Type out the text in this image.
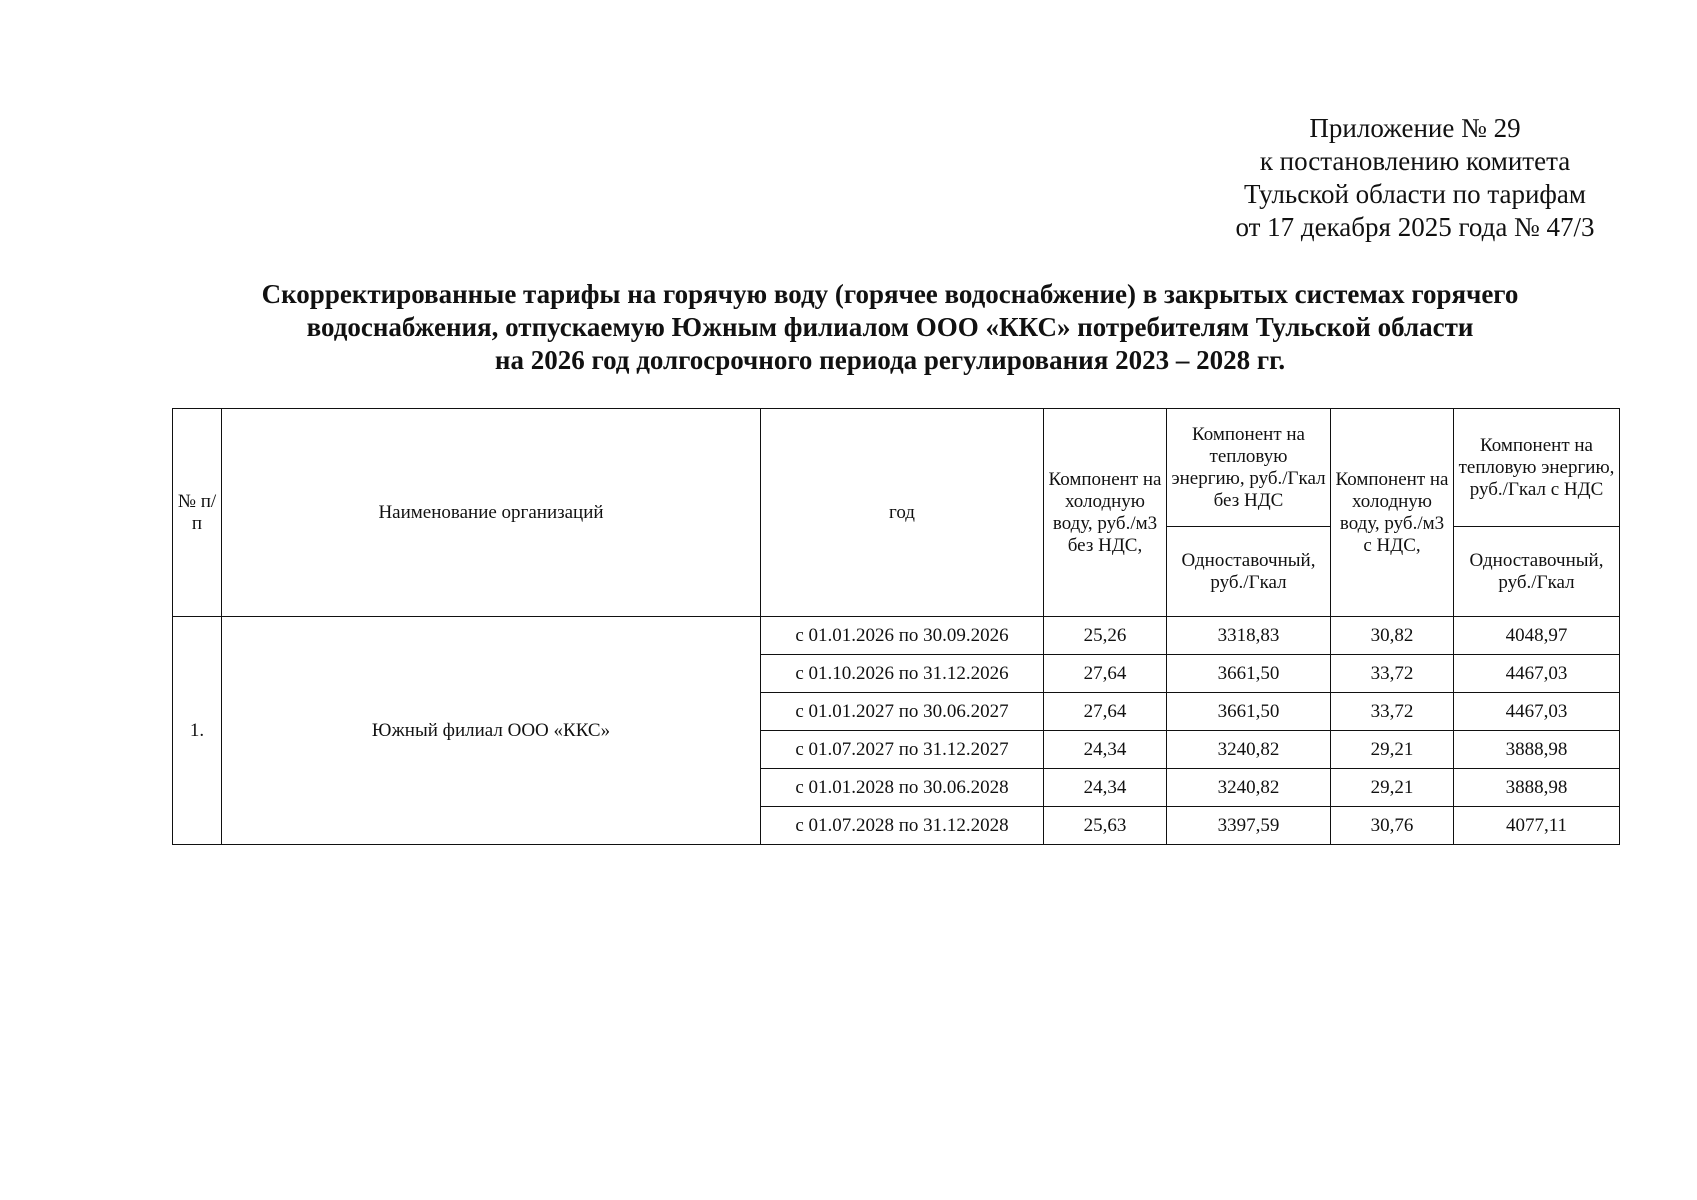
Приложение № 29
к постановлению комитета
Тульской области по тарифам
от 17 декабря 2025 года № 47/3
Скорректированные тарифы на горячую воду (горячее водоснабжение) в закрытых системах горячего
водоснабжения, отпускаемую Южным филиалом ООО «ККС» потребителям Тульской области
на 2026 год долгосрочного периода регулирования 2023 – 2028 гг.
№ п/п	Наименование организаций	год	Компонент на холодную воду, руб./м3 без НДС,	Компонент на тепловую энергию, руб./Гкал без НДС	Компонент на холодную воду, руб./м3 с НДС,	Компонент на тепловую энергию, руб./Гкал с НДС
				Одноставочный, руб./Гкал		Одноставочный, руб./Гкал
1.	Южный филиал ООО «ККС»	с 01.01.2026 по 30.09.2026	25,26	3318,83	30,82	4048,97
		с 01.10.2026 по 31.12.2026	27,64	3661,50	33,72	4467,03
		с 01.01.2027 по 30.06.2027	27,64	3661,50	33,72	4467,03
		с 01.07.2027 по 31.12.2027	24,34	3240,82	29,21	3888,98
		с 01.01.2028 по 30.06.2028	24,34	3240,82	29,21	3888,98
		с 01.07.2028 по 31.12.2028	25,63	3397,59	30,76	4077,11
